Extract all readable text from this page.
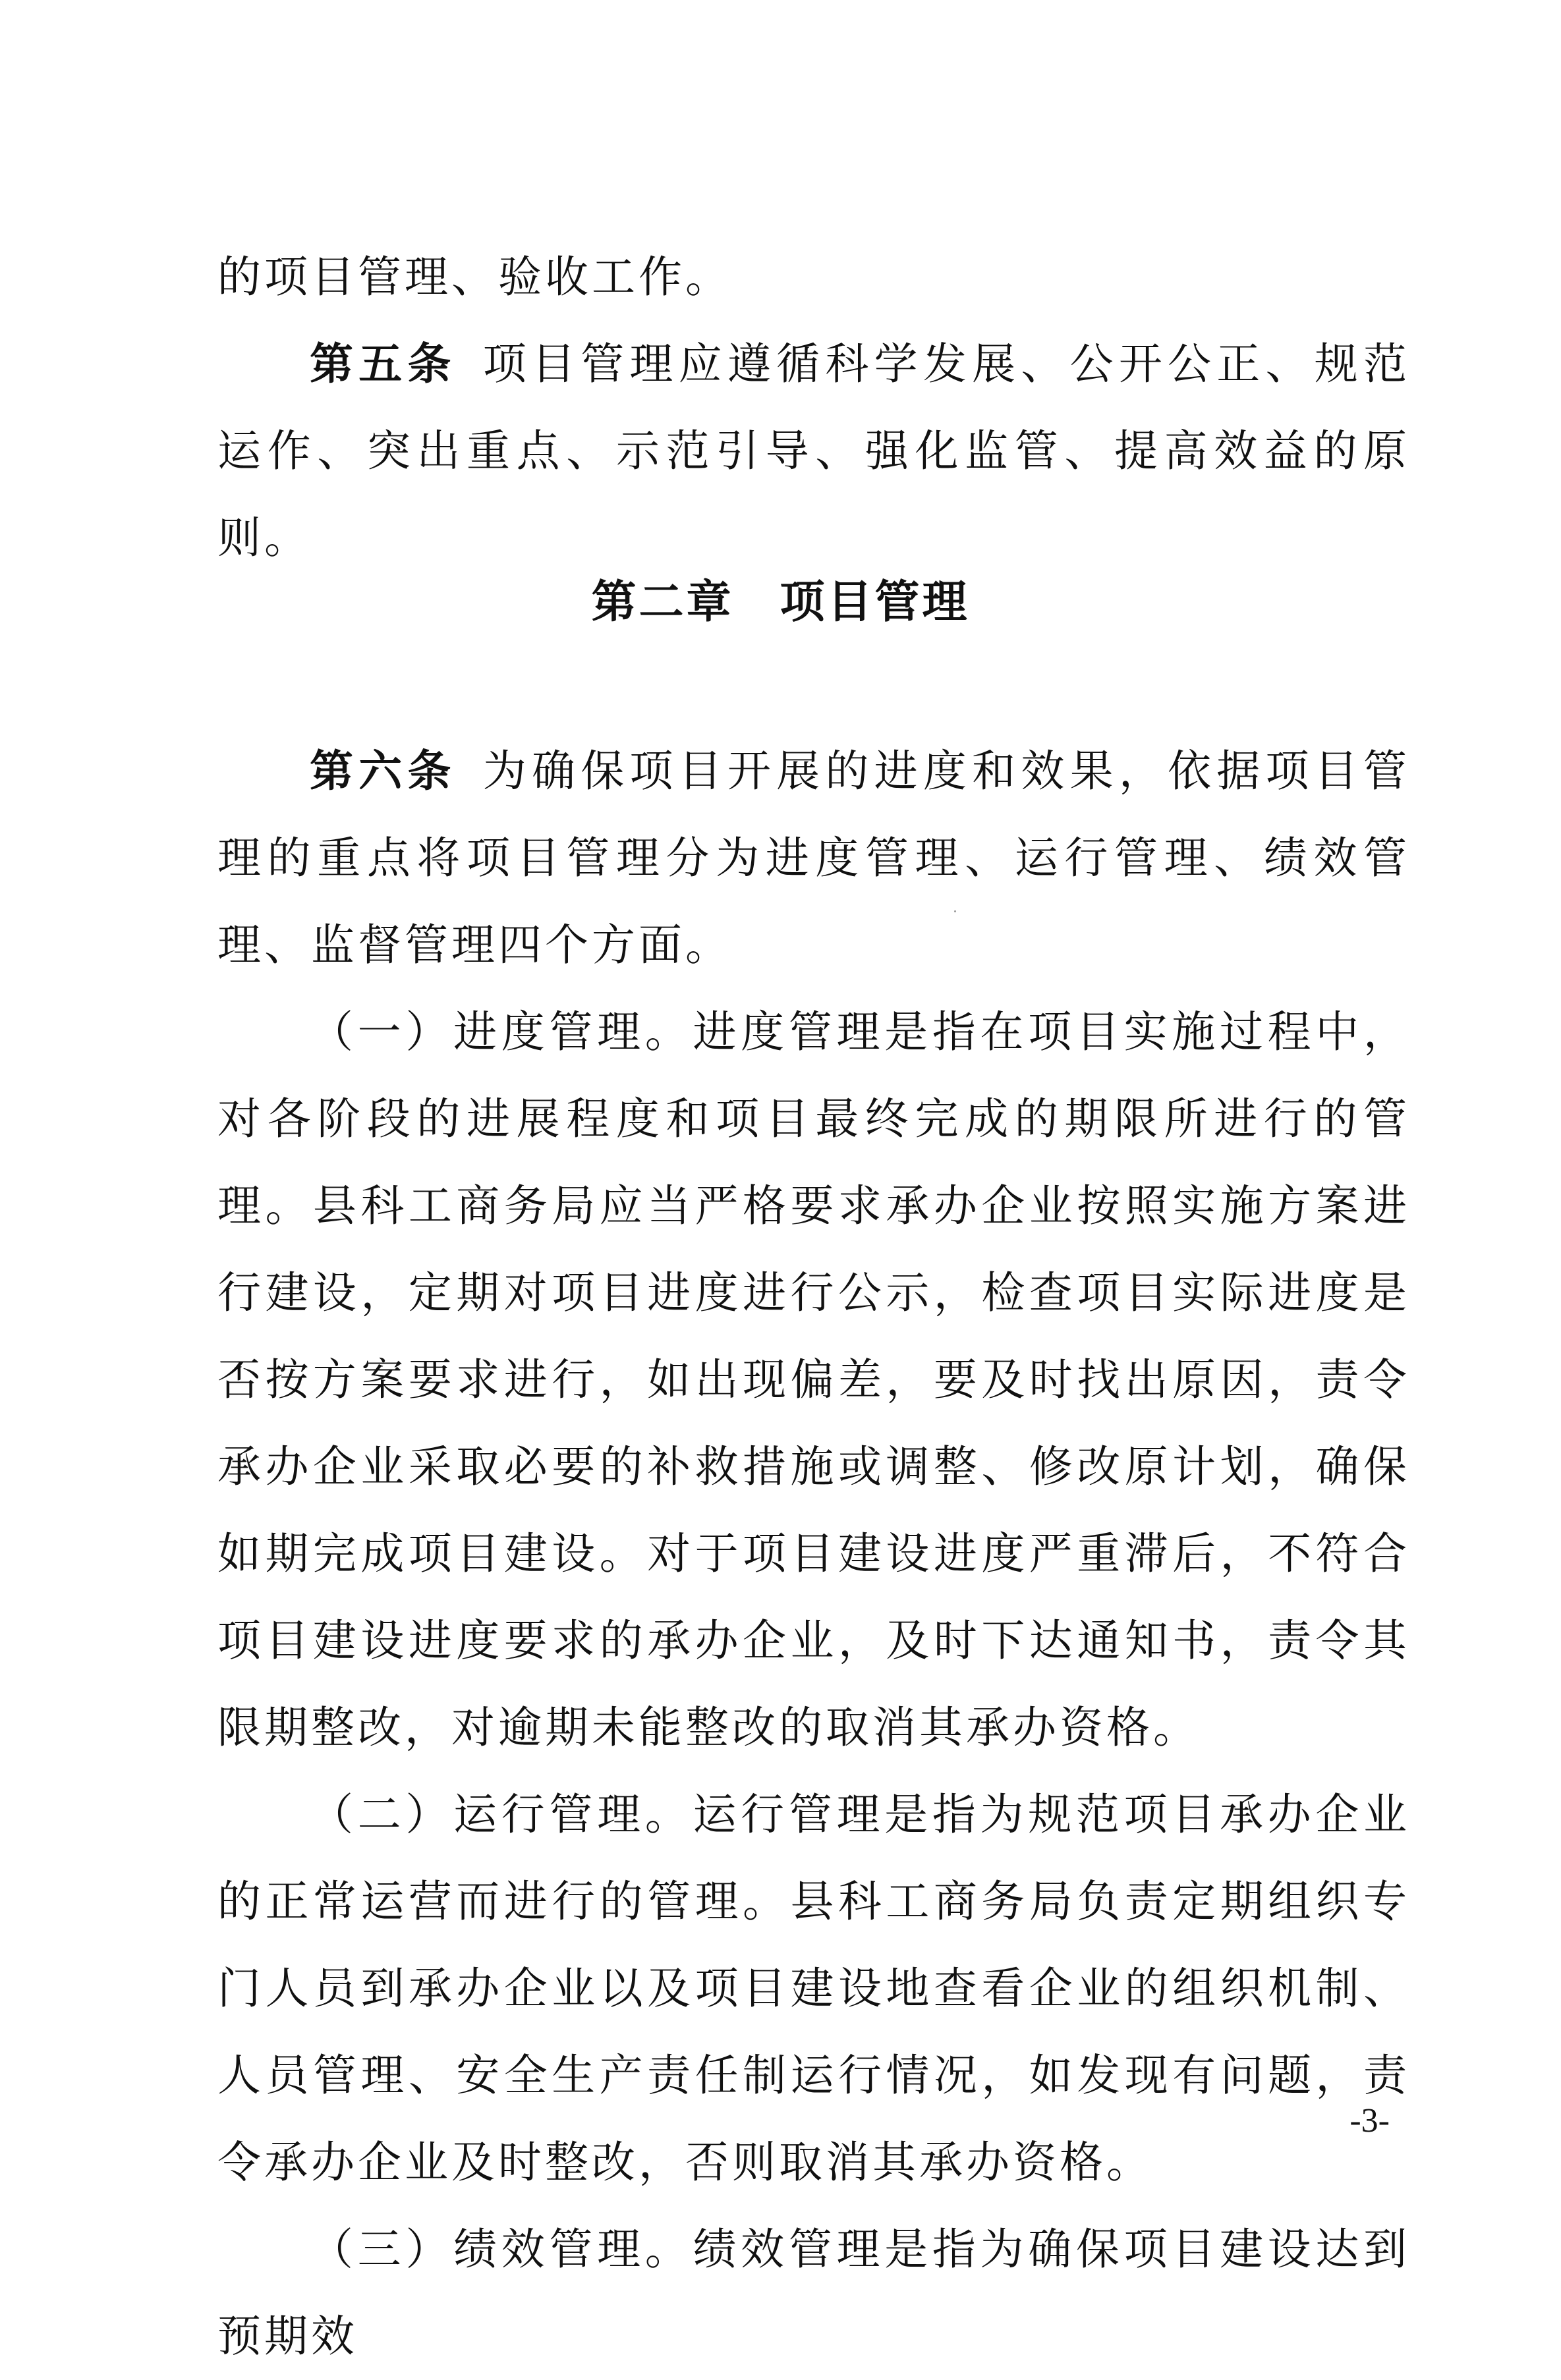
的项目管理、验收工作。

第五条 项目管理应遵循科学发展、公开公正、规范运作、突出重点、示范引导、强化监管、提高效益的原则。

第二章 项目管理

第六条 为确保项目开展的进度和效果，依据项目管理的重点将项目管理分为进度管理、运行管理、绩效管理、监督管理四个方面。

（一）进度管理。进度管理是指在项目实施过程中，对各阶段的进展程度和项目最终完成的期限所进行的管理。县科工商务局应当严格要求承办企业按照实施方案进行建设，定期对项目进度进行公示，检查项目实际进度是否按方案要求进行，如出现偏差，要及时找出原因，责令承办企业采取必要的补救措施或调整、修改原计划，确保如期完成项目建设。对于项目建设进度严重滞后，不符合项目建设进度要求的承办企业，及时下达通知书，责令其限期整改，对逾期未能整改的取消其承办资格。

（二）运行管理。运行管理是指为规范项目承办企业的正常运营而进行的管理。县科工商务局负责定期组织专门人员到承办企业以及项目建设地查看企业的组织机制、人员管理、安全生产责任制运行情况，如发现有问题，责令承办企业及时整改，否则取消其承办资格。

（三）绩效管理。绩效管理是指为确保项目建设达到预期效

-3-
